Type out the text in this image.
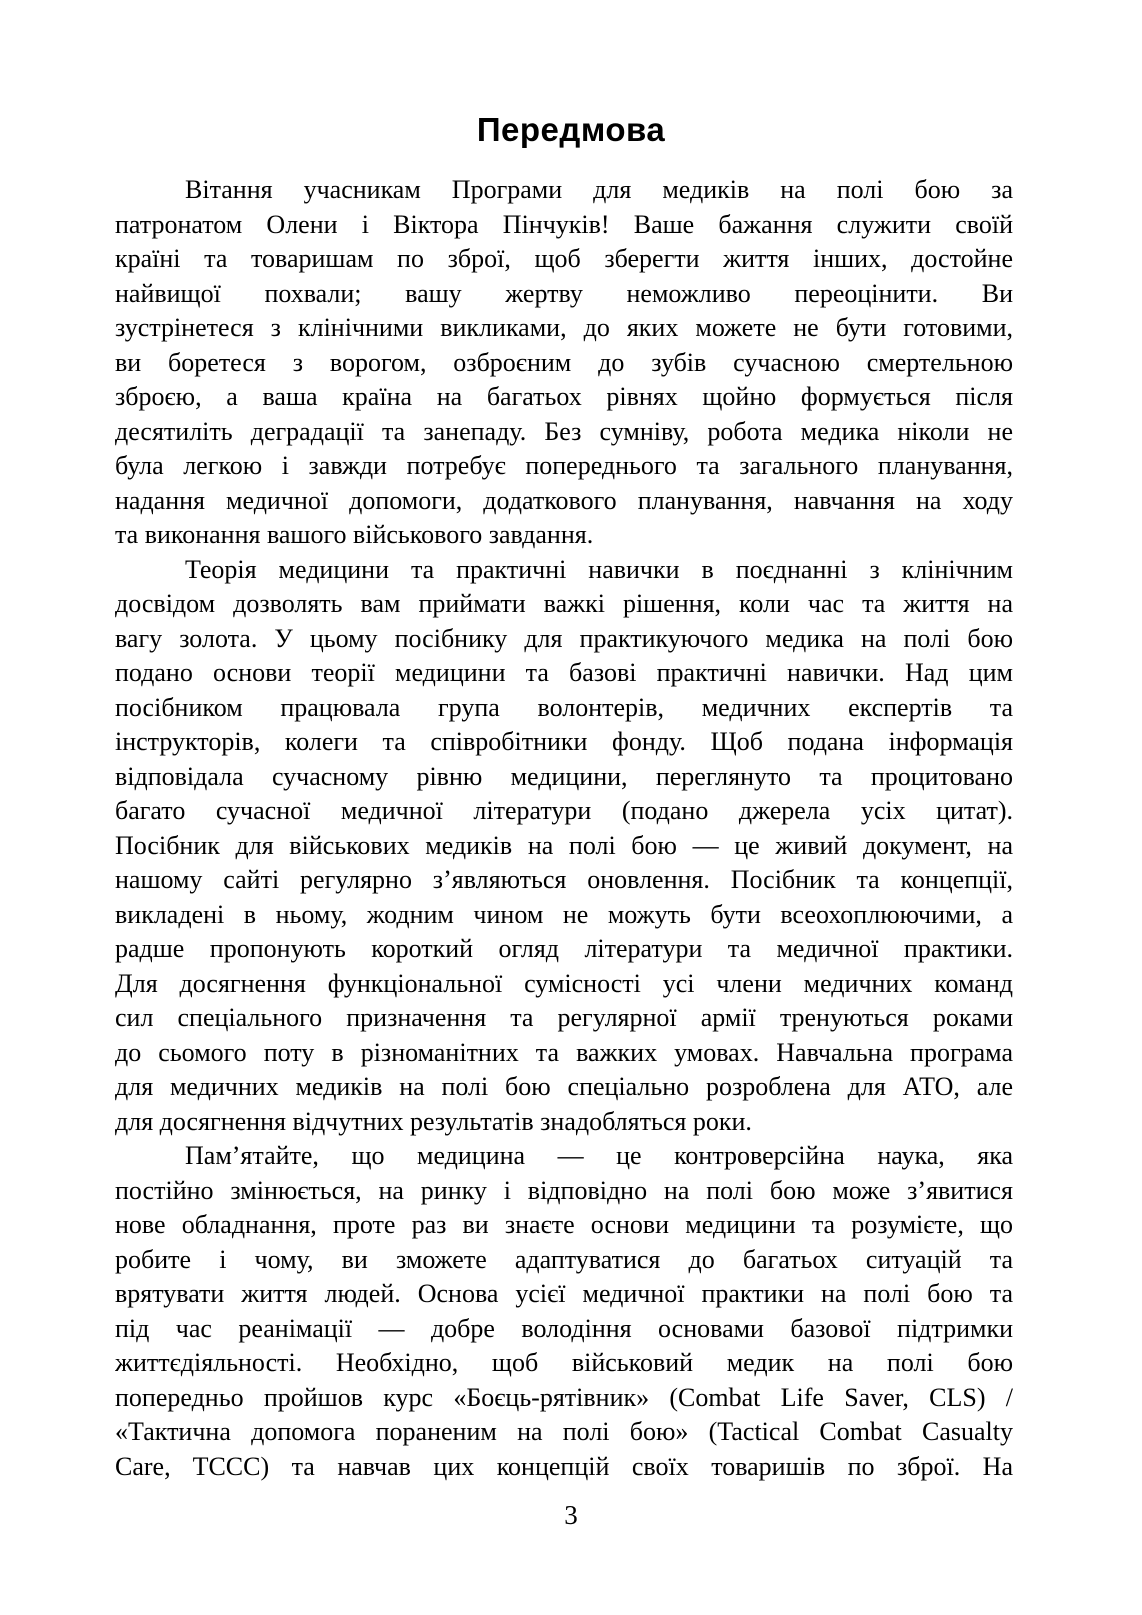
Передмова
Вітання учасникам Програми для медиків на полі бою за
патронатом Олени і Віктора Пінчуків! Ваше бажання служити своїй
країні та товаришам по зброї, щоб зберегти життя інших, достойне
найвищої похвали; вашу жертву неможливо переоцінити. Ви
зустрінетеся з клінічними викликами, до яких можете не бути готовими,
ви боретеся з ворогом, озброєним до зубів сучасною смертельною
зброєю, а ваша країна на багатьох рівнях щойно формується після
десятиліть деградації та занепаду. Без сумніву, робота медика ніколи не
була легкою і завжди потребує попереднього та загального планування,
надання медичної допомоги, додаткового планування, навчання на ходу
та виконання вашого військового завдання.
Теорія медицини та практичні навички в поєднанні з клінічним
досвідом дозволять вам приймати важкі рішення, коли час та життя на
вагу золота. У цьому посібнику для практикуючого медика на полі бою
подано основи теорії медицини та базові практичні навички. Над цим
посібником працювала група волонтерів, медичних експертів та
інструкторів, колеги та співробітники фонду. Щоб подана інформація
відповідала сучасному рівню медицини, переглянуто та процитовано
багато сучасної медичної літератури (подано джерела усіх цитат).
Посібник для військових медиків на полі бою — це живий документ, на
нашому сайті регулярно з’являються оновлення. Посібник та концепції,
викладені в ньому, жодним чином не можуть бути всеохоплюючими, а
радше пропонують короткий огляд літератури та медичної практики.
Для досягнення функціональної сумісності усі члени медичних команд
сил спеціального призначення та регулярної армії тренуються роками
до сьомого поту в різноманітних та важких умовах. Навчальна програма
для медичних медиків на полі бою спеціально розроблена для АТО, але
для досягнення відчутних результатів знадобляться роки.
Пам’ятайте, що медицина — це контроверсійна наука, яка
постійно змінюється, на ринку і відповідно на полі бою може з’явитися
нове обладнання, проте раз ви знаєте основи медицини та розумієте, що
робите і чому, ви зможете адаптуватися до багатьох ситуацій та
врятувати життя людей. Основа усієї медичної практики на полі бою та
під час реанімації — добре володіння основами базової підтримки
життєдіяльності. Необхідно, щоб військовий медик на полі бою
попередньо пройшов курс «Боєць-рятівник» (Combat Life Saver, CLS) /
«Тактична допомога пораненим на полі бою» (Tactical Combat Casualty
Care, TCCC) та навчав цих концепцій своїх товаришів по зброї. На
3
